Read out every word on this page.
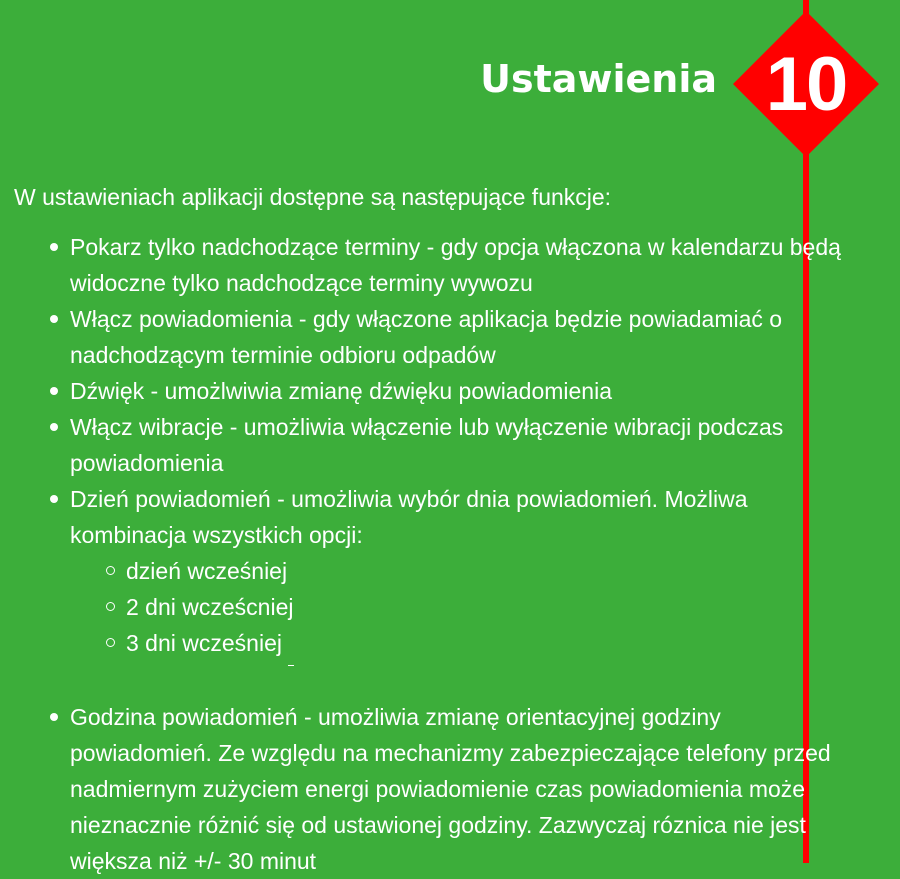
10
Ustawienia
W ustawieniach aplikacji dostępne są następujące funkcje:
Pokarz tylko nadchodzące terminy - gdy opcja włączona w kalendarzu będą widoczne tylko nadchodzące terminy wywozu
Włącz powiadomienia - gdy włączone aplikacja będzie powiadamiać o nadchodzącym terminie odbioru odpadów
Dźwięk - umożlwiwia zmianę dźwięku powiadomienia
Włącz wibracje - umożliwia włączenie lub wyłączenie wibracji podczas powiadomienia
Dzień powiadomień - umożliwia wybór dnia powiadomień. Możliwa kombinacja wszystkich opcji:
dzień wcześniej
2 dni wcześcniej
3 dni wcześniej
Godzina powiadomień - umożliwia zmianę orientacyjnej godziny powiadomień. Ze względu na mechanizmy zabezpieczające telefony przed nadmiernym zużyciem energi powiadomienie czas powiadomienia może nieznacznie różnić się od ustawionej godziny. Zazwyczaj róznica nie jest większa niż +/- 30 minut
